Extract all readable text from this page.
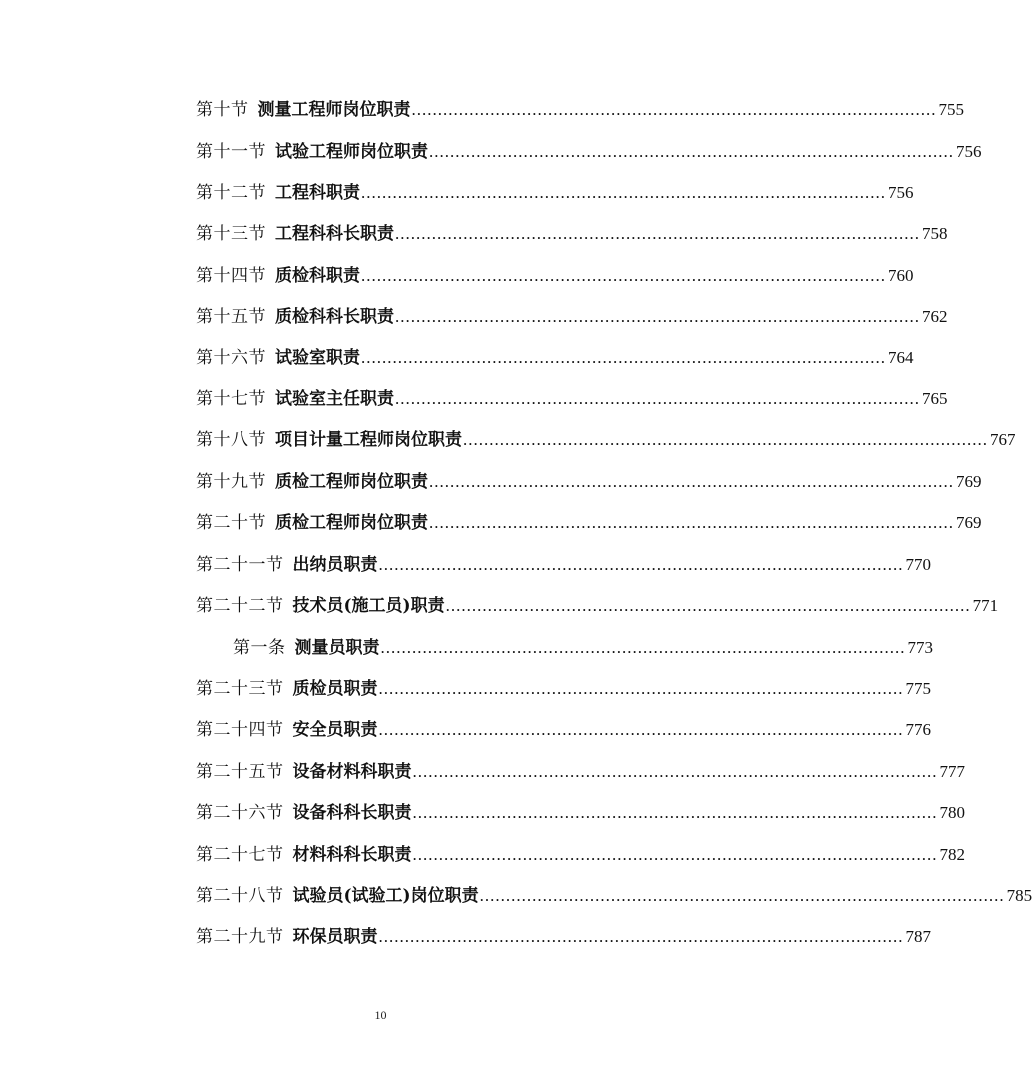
第十节 测量工程师岗位职责 .................................................................................................... 755
第十一节 试验工程师岗位职责 .................................................................................................... 756
第十二节 工程科职责 .................................................................................................... 756
第十三节 工程科科长职责 .................................................................................................... 758
第十四节 质检科职责 .................................................................................................... 760
第十五节 质检科科长职责 .................................................................................................... 762
第十六节 试验室职责 .................................................................................................... 764
第十七节 试验室主任职责 .................................................................................................... 765
第十八节 项目计量工程师岗位职责 .................................................................................................... 767
第十九节 质检工程师岗位职责 .................................................................................................... 769
第二十节 质检工程师岗位职责 .................................................................................................... 769
第二十一节 出纳员职责 .................................................................................................... 770
第二十二节 技术员(施工员)职责 .................................................................................................... 771
第一条 测量员职责 .................................................................................................... 773
第二十三节 质检员职责 .................................................................................................... 775
第二十四节 安全员职责 .................................................................................................... 776
第二十五节 设备材料科职责 .................................................................................................... 777
第二十六节 设备科科长职责 .................................................................................................... 780
第二十七节 材料科科长职责 .................................................................................................... 782
第二十八节 试验员(试验工)岗位职责 .................................................................................................... 785
第二十九节 环保员职责 .................................................................................................... 787
10
